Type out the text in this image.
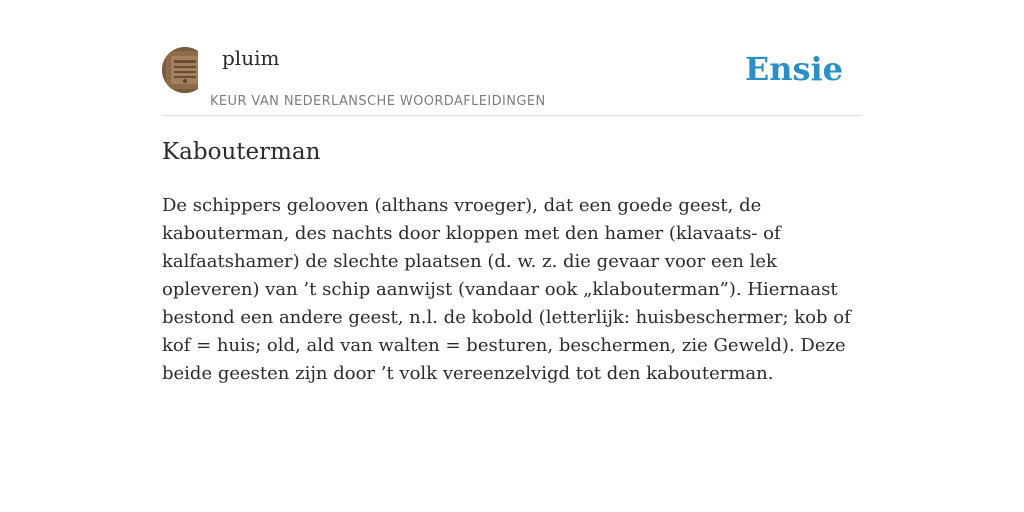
pluim
KEUR VAN NEDERLANSCHE WOORDAFLEIDINGEN
Ensie
Kabouterman

De schippers gelooven (althans vroeger), dat een goede geest, de kabouterman, des nachts door kloppen met den hamer (klavaats- of kalfaatshamer) de slechte plaatsen (d. w. z. die gevaar voor een lek opleveren) van ’t schip aanwijst (vandaar ook „klabouterman”). Hiernaast bestond een andere geest, n.l. de kobold (letterlijk: huisbeschermer; kob of kof = huis; old, ald van walten = besturen, beschermen, zie Geweld). Deze beide geesten zijn door ’t volk vereenzelvigd tot den kabouterman.
